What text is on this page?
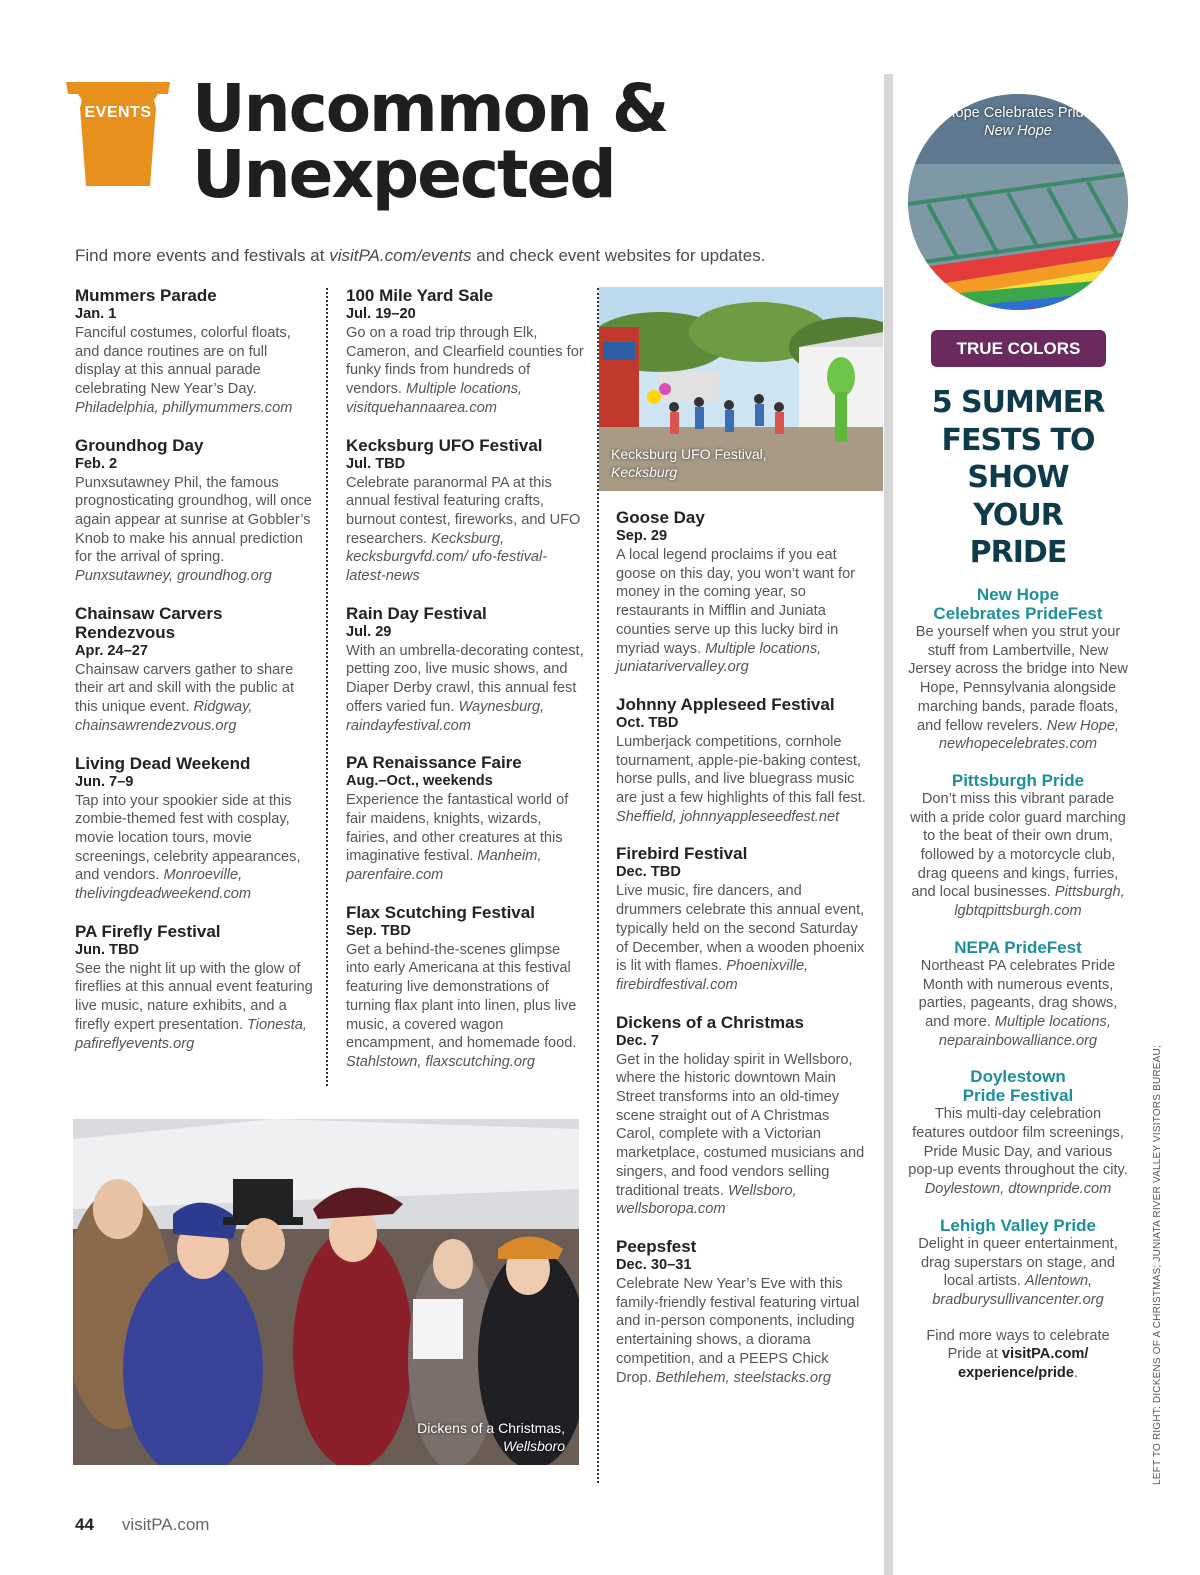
EVENTS Uncommon &
Unexpected
Find more events and festivals at visitPA.com/events and check event websites for updates.
Mummers Parade
Jan. 1
Fanciful costumes, colorful floats, and dance routines are on full display at this annual parade celebrating New Year’s Day. Philadelphia, phillymummers.com
Groundhog Day
Feb. 2
Punxsutawney Phil, the famous prognosticating groundhog, will once again appear at sunrise at Gobbler’s Knob to make his annual prediction for the arrival of spring. Punxsutawney, groundhog.org
Chainsaw Carvers Rendezvous
Apr. 24–27
Chainsaw carvers gather to share their art and skill with the public at this unique event. Ridgway, chainsawrendezvous.org
Living Dead Weekend
Jun. 7–9
Tap into your spookier side at this zombie-themed fest with cosplay, movie location tours, movie screenings, celebrity appearances, and vendors. Monroeville, thelivingdeadweekend.com
PA Firefly Festival
Jun. TBD
See the night lit up with the glow of fireflies at this annual event featuring live music, nature exhibits, and a firefly expert presentation. Tionesta, pafireflyevents.org
100 Mile Yard Sale
Jul. 19–20
Go on a road trip through Elk, Cameron, and Clearfield counties for funky finds from hundreds of vendors. Multiple locations, visitquehannaarea.com
Kecksburg UFO Festival
Jul. TBD
Celebrate paranormal PA at this annual festival featuring crafts, burnout contest, fireworks, and UFO researchers. Kecksburg, kecksburgvfd.com/ ufo-festival-latest-news
Rain Day Festival
Jul. 29
With an umbrella-decorating contest, petting zoo, live music shows, and Diaper Derby crawl, this annual fest offers varied fun. Waynesburg, raindayfestival.com
PA Renaissance Faire
Aug.–Oct., weekends
Experience the fantastical world of fair maidens, knights, wizards, fairies, and other creatures at this imaginative festival. Manheim, parenfaire.com
Flax Scutching Festival
Sep. TBD
Get a behind-the-scenes glimpse into early Americana at this festival featuring live demonstrations of turning flax plant into linen, plus live music, a covered wagon encampment, and homemade food. Stahlstown, flaxscutching.org
Goose Day
Sep. 29
A local legend proclaims if you eat goose on this day, you won’t want for money in the coming year, so restaurants in Mifflin and Juniata counties serve up this lucky bird in myriad ways. Multiple locations, juniatarivervalley.org
Johnny Appleseed Festival
Oct. TBD
Lumberjack competitions, cornhole tournament, apple-pie-baking contest, horse pulls, and live bluegrass music are just a few highlights of this fall fest. Sheffield, johnnyappleseedfest.net
Firebird Festival
Dec. TBD
Live music, fire dancers, and drummers celebrate this annual event, typically held on the second Saturday of December, when a wooden phoenix is lit with flames. Phoenixville, firebirdfestival.com
Dickens of a Christmas
Dec. 7
Get in the holiday spirit in Wellsboro, where the historic downtown Main Street transforms into an old-timey scene straight out of A Christmas Carol, complete with a Victorian marketplace, costumed musicians and singers, and food vendors selling traditional treats. Wellsboro, wellsboropa.com
Peepsfest
Dec. 30–31
Celebrate New Year’s Eve with this family-friendly festival featuring virtual and in-person components, including entertaining shows, a diorama competition, and a PEEPS Chick Drop. Bethlehem, steelstacks.org
Kecksburg UFO Festival,
Kecksburg
Dickens of a Christmas,
Wellsboro
New Hope Celebrates PrideFest,
New Hope
TRUE COLORS
5 SUMMER
FESTS TO
SHOW
YOUR
PRIDE
New Hope
Celebrates PrideFest
Be yourself when you strut your stuff from Lambertville, New Jersey across the bridge into New Hope, Pennsylvania alongside marching bands, parade floats, and fellow revelers. New Hope, newhopecelebrates.com
Pittsburgh Pride
Don’t miss this vibrant parade with a pride color guard marching to the beat of their own drum, followed by a motorcycle club, drag queens and kings, furries, and local businesses. Pittsburgh, lgbtqpittsburgh.com
NEPA PrideFest
Northeast PA celebrates Pride Month with numerous events, parties, pageants, drag shows, and more. Multiple locations, neparainbowalliance.org
Doylestown
Pride Festival
This multi-day celebration features outdoor film screenings, Pride Music Day, and various pop-up events throughout the city. Doylestown, dtownpride.com
Lehigh Valley Pride
Delight in queer entertainment, drag superstars on stage, and local artists. Allentown, bradburysullivancenter.org
Find more ways to celebrate Pride at visitPA.com/ experience/pride.	LEFT TO RIGHT: DICKENS OF A CHRISTMAS; JUNIATA RIVER VALLEY VISITORS BUREAU;
44 visitPA.com
